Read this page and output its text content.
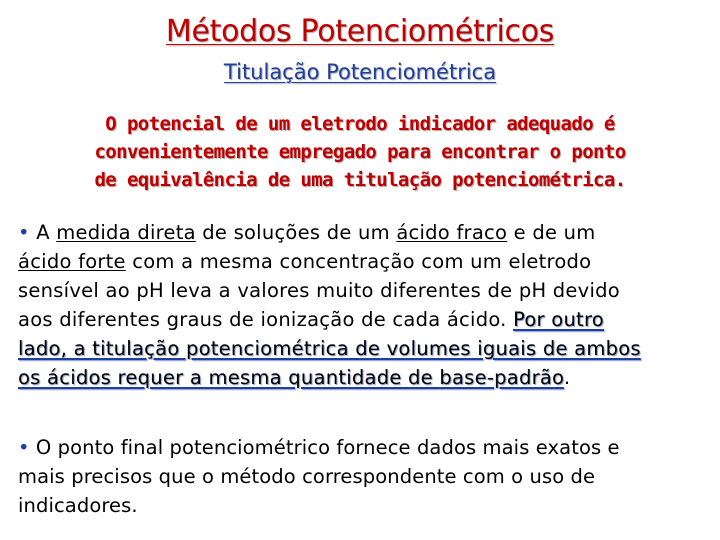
Métodos Potenciométricos
Titulação Potenciométrica
O potencial de um eletrodo indicador adequado é
convenientemente empregado para encontrar o ponto
de equivalência de uma titulação potenciométrica.
• A medida direta de soluções de um ácido fraco e de um
ácido forte com a mesma concentração com um eletrodo
sensível ao pH leva a valores muito diferentes de pH devido
aos diferentes graus de ionização de cada ácido. Por outro
lado, a titulação potenciométrica de volumes iguais de ambos
os ácidos requer a mesma quantidade de base-padrão.
• O ponto final potenciométrico fornece dados mais exatos e
mais precisos que o método correspondente com o uso de
indicadores.
